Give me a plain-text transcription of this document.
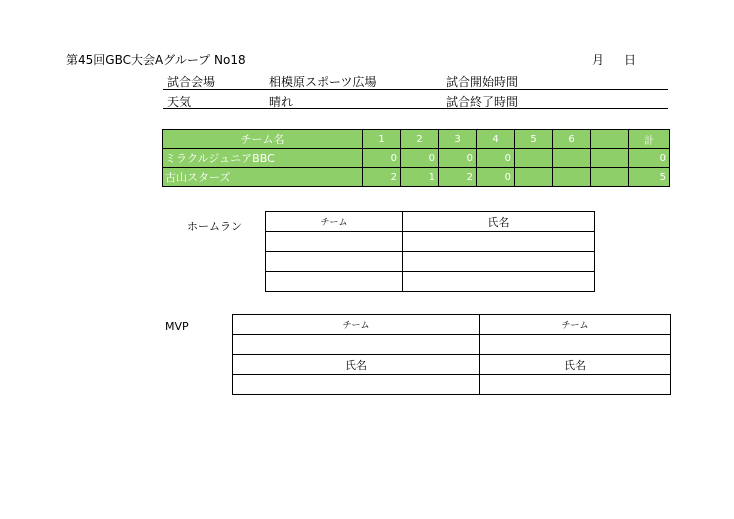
第45回GBC大会Aグループ No18	月 日
試合会場	相模原スポーツ広場	試合開始時間
天気	晴れ	試合終了時間
チーム名	1	2	3	4	5	6		計
ミラクルジュニアBBC	0	0	0	0				0
古山スターズ	2	1	2	0				5
ホームラン	チーム	氏名

MVP	チーム	チーム

氏名	氏名
